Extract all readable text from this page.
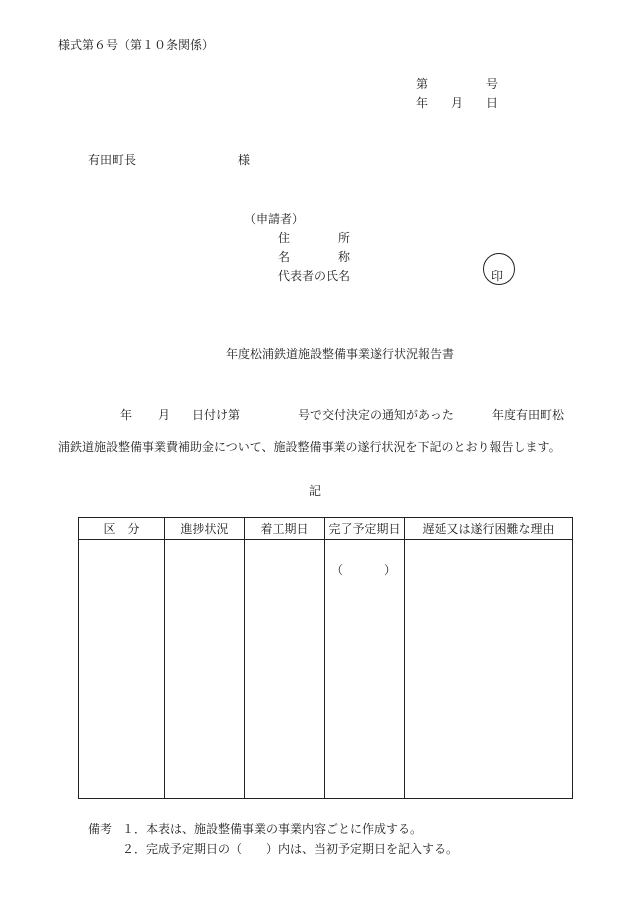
様式第６号（第１０条関係）
第	号
年 月 日
有田町長	様
（申請者）
住	所
名	称
代表者の氏名	印
年度松浦鉄道施設整備事業遂行状況報告書
年 月 日付け第	号で交付決定の通知があった	年度有田町松
浦鉄道施設整備事業費補助金について、施設整備事業の遂行状況を下記のとおり報告します。
記
区　分	進捗状況	着工期日	完了予定期日	遅延又は遂行困難な理由

			（ ）	

備考 １．本表は、施設整備事業の事業内容ごとに作成する。
２．完成予定期日の（　　）内は、当初予定期日を記入する。
